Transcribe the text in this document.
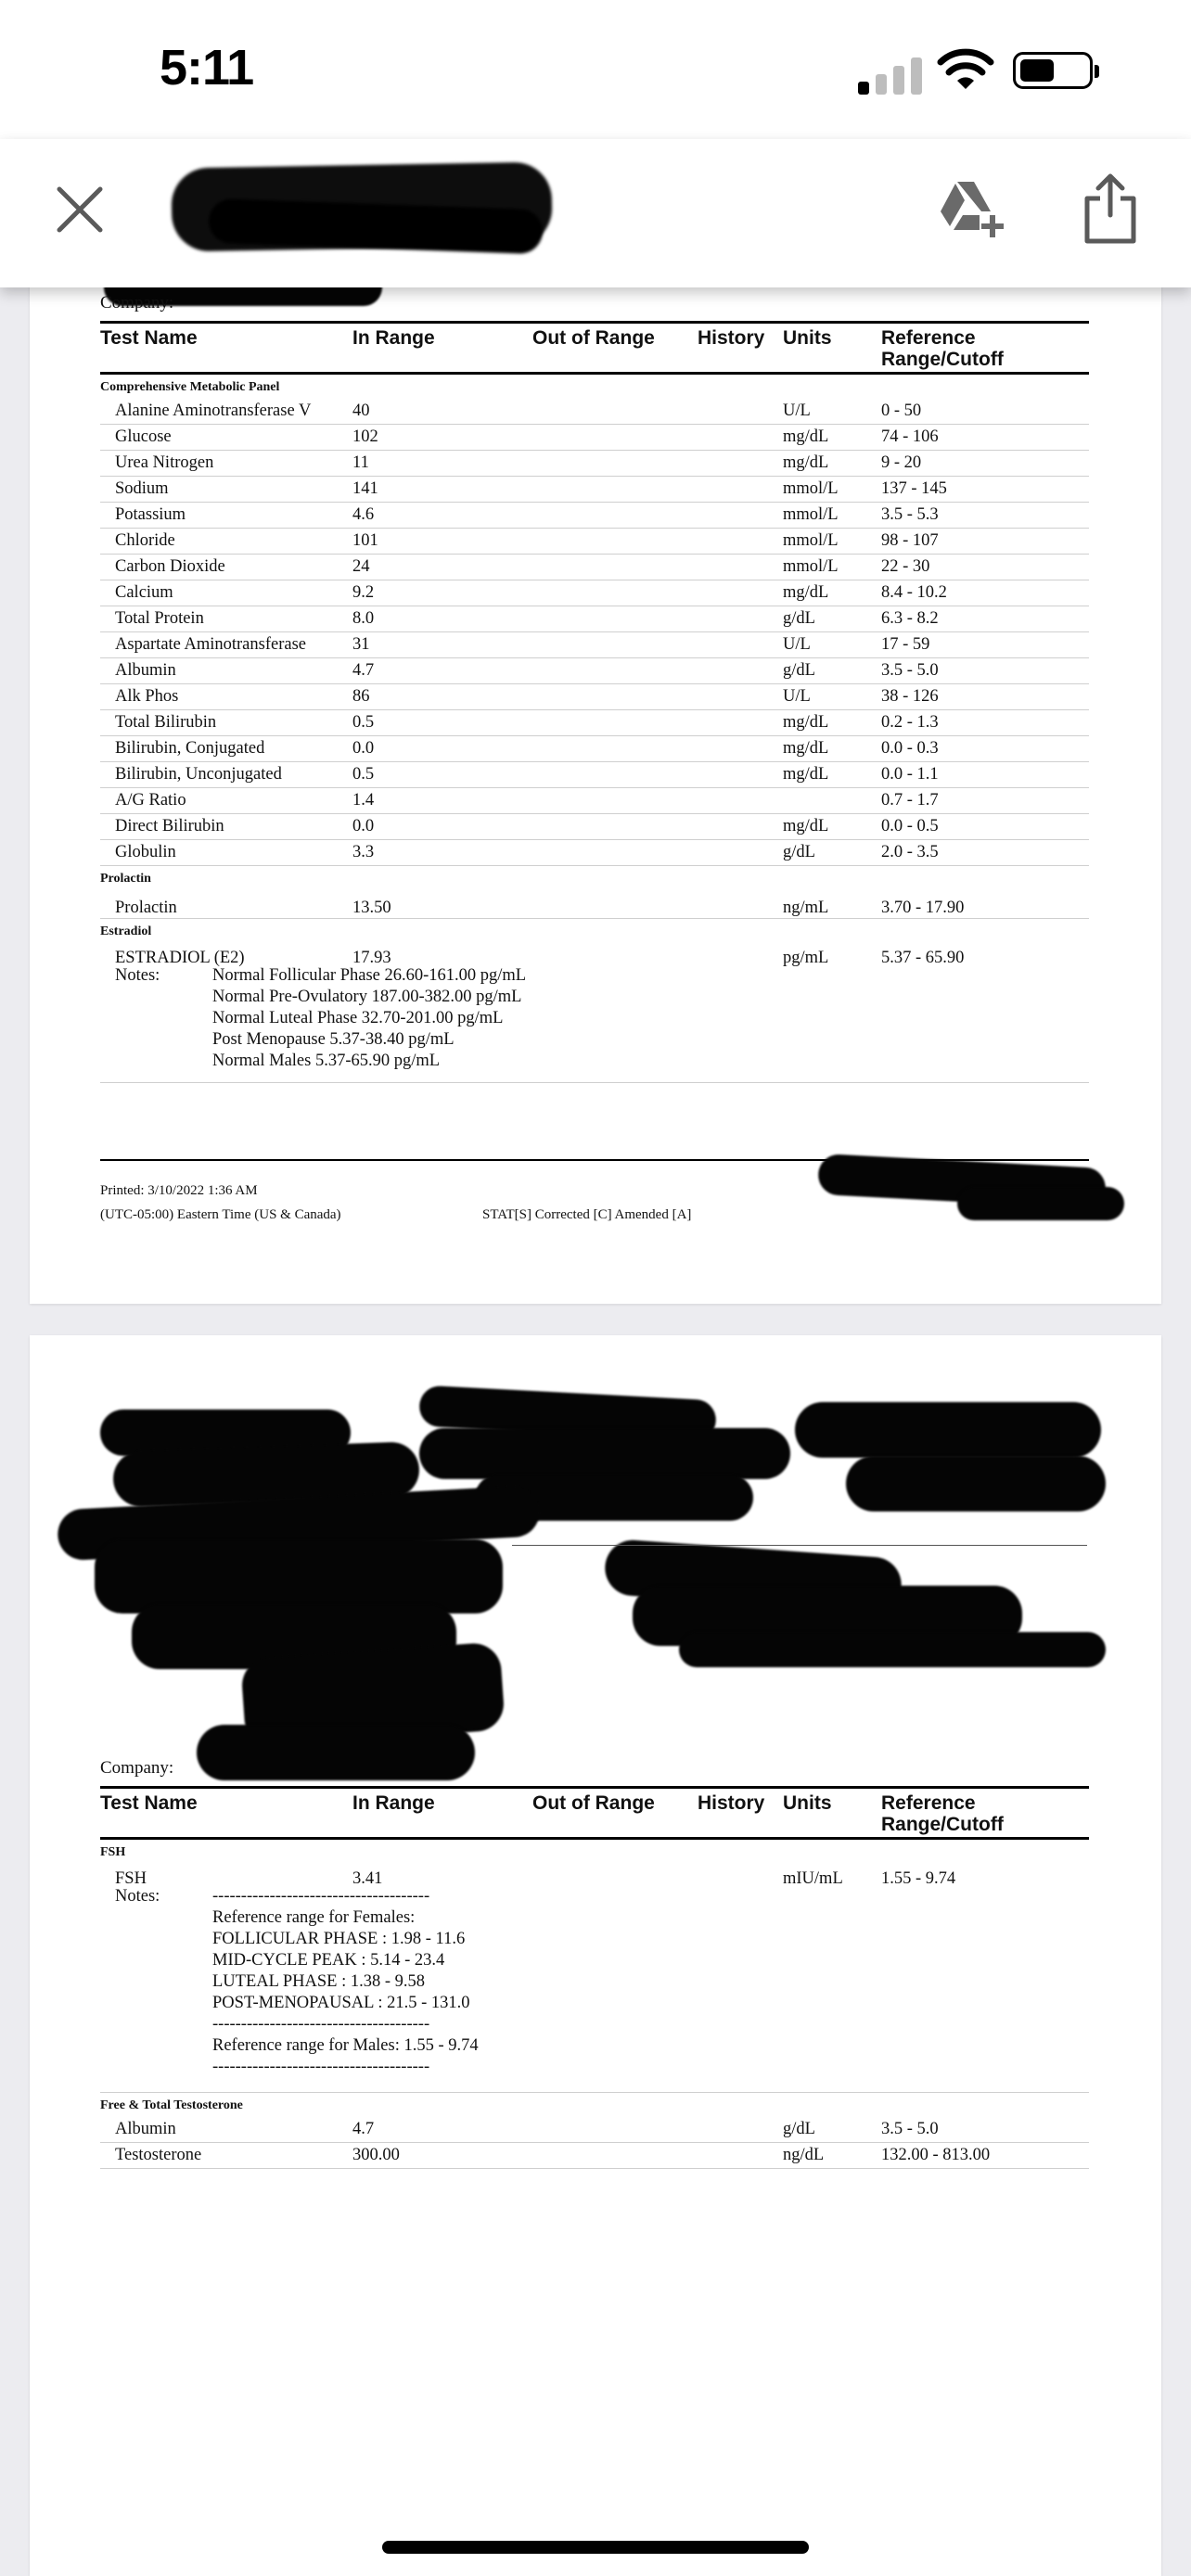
5:11
Company:
Test Name	In Range	Out of Range History Units	Reference
Range/Cutoff
Comprehensive Metabolic Panel
Alanine Aminotransferase V 40	U/L	0 - 50
Glucose	102	mg/dL	74 - 106
Urea Nitrogen	11	mg/dL	9 - 20
Sodium	141	mmol/L	137 - 145
Potassium	4.6	mmol/L	3.5 - 5.3
Chloride	101	mmol/L	98 - 107
Carbon Dioxide	24	mmol/L	22 - 30
Calcium	9.2	mg/dL	8.4 - 10.2
Total Protein	8.0	g/dL	6.3 - 8.2
Aspartate Aminotransferase	31	U/L	17 - 59
Albumin	4.7	g/dL	3.5 - 5.0
Alk Phos	86	U/L	38 - 126
Total Bilirubin	0.5	mg/dL	0.2 - 1.3
Bilirubin, Conjugated	0.0	mg/dL	0.0 - 0.3
Bilirubin, Unconjugated	0.5	mg/dL	0.0 - 1.1
A/G Ratio	1.4	0.7 - 1.7
Direct Bilirubin	0.0	mg/dL	0.0 - 0.5
Globulin	3.3	g/dL	2.0 - 3.5
Prolactin
Prolactin	13.50	ng/mL	3.70 - 17.90
Estradiol
ESTRADIOL (E2)	17.93	pg/mL	5.37 - 65.90
Notes:	Normal Follicular Phase 26.60-161.00 pg/mL
Normal Pre-Ovulatory 187.00-382.00 pg/mL
Normal Luteal Phase 32.70-201.00 pg/mL
Post Menopause 5.37-38.40 pg/mL
Normal Males 5.37-65.90 pg/mL
Printed: 3/10/2022 1:36 AM
(UTC-05:00) Eastern Time (US & Canada)	STAT[S] Corrected [C] Amended [A]
Company:
Test Name	In Range	Out of Range History Units	Reference
Range/Cutoff
FSH
FSH	3.41	mIU/mL 1.55 - 9.74
Notes:	--------------------------------------
Reference range for Females:
FOLLICULAR PHASE : 1.98 - 11.6
MID-CYCLE PEAK : 5.14 - 23.4
LUTEAL PHASE : 1.38 - 9.58
POST-MENOPAUSAL : 21.5 - 131.0
--------------------------------------
Reference range for Males: 1.55 - 9.74
--------------------------------------
Free & Total Testosterone
Albumin	4.7	g/dL	3.5 - 5.0
Testosterone	300.00	ng/dL	132.00 - 813.00
